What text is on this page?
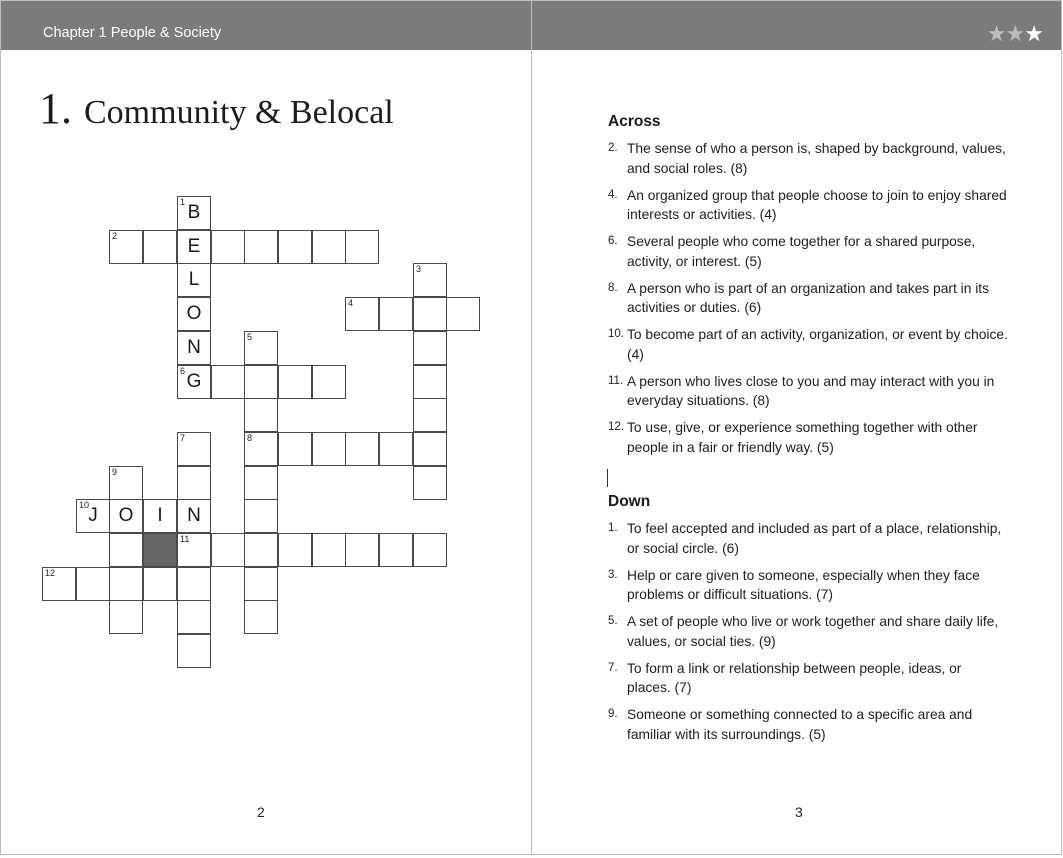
Chapter 1 People & Society
1. Community & Belocal
1 B
2	E
L	3
O	4
N	5
6 G
7	8
9
10 J	O	I	N
11
12
2
★★★
Across
2. The sense of who a person is, shaped by background, values, and social roles. (8)
4. An organized group that people choose to join to enjoy shared interests or activities. (4)
6. Several people who come together for a shared purpose, activity, or interest. (5)
8. A person who is part of an organization and takes part in its activities or duties. (6)
10. To become part of an activity, organization, or event by choice. (4)
11. A person who lives close to you and may interact with you in everyday situations. (8)
12. To use, give, or experience something together with other people in a fair or friendly way. (5)
Down
1. To feel accepted and included as part of a place, relationship, or social circle. (6)
3. Help or care given to someone, especially when they face problems or difficult situations. (7)
5. A set of people who live or work together and share daily life, values, or social ties. (9)
7. To form a link or relationship between people, ideas, or places. (7)
9. Someone or something connected to a specific area and familiar with its surroundings. (5)
3
